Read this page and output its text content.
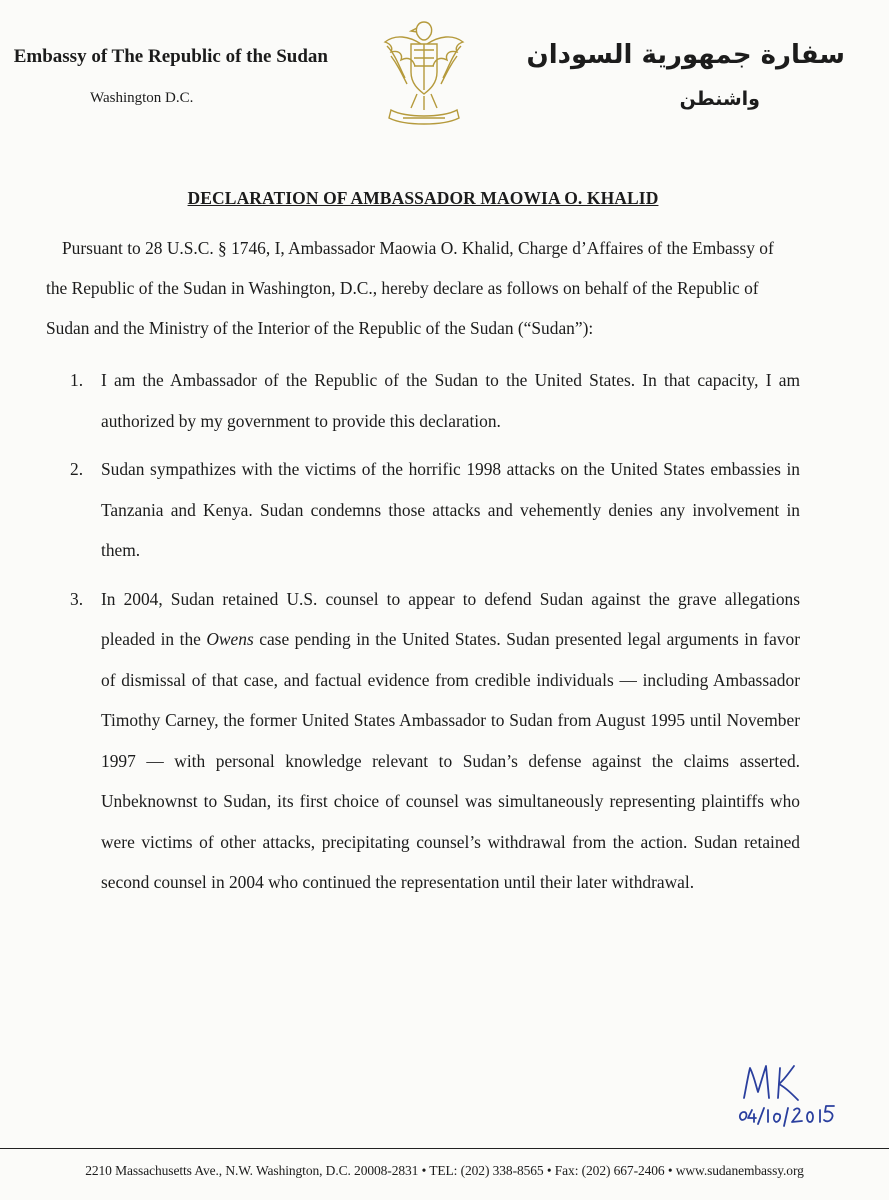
Embassy of The Republic of the Sudan
Washington D.C.
سفارة جمهورية السودان
واشنطن
DECLARATION OF AMBASSADOR MAOWIA O. KHALID
Pursuant to 28 U.S.C. § 1746, I, Ambassador Maowia O. Khalid, Charge d’Affaires of the Embassy of the Republic of the Sudan in Washington, D.C., hereby declare as follows on behalf of the Republic of Sudan and the Ministry of the Interior of the Republic of the Sudan (“Sudan”):
1. I am the Ambassador of the Republic of the Sudan to the United States. In that capacity, I am authorized by my government to provide this declaration.
2. Sudan sympathizes with the victims of the horrific 1998 attacks on the United States embassies in Tanzania and Kenya. Sudan condemns those attacks and vehemently denies any involvement in them.
3. In 2004, Sudan retained U.S. counsel to appear to defend Sudan against the grave allegations pleaded in the Owens case pending in the United States. Sudan presented legal arguments in favor of dismissal of that case, and factual evidence from credible individuals — including Ambassador Timothy Carney, the former United States Ambassador to Sudan from August 1995 until November 1997 — with personal knowledge relevant to Sudan’s defense against the claims asserted. Unbeknownst to Sudan, its first choice of counsel was simultaneously representing plaintiffs who were victims of other attacks, precipitating counsel’s withdrawal from the action. Sudan retained second counsel in 2004 who continued the representation until their later withdrawal.
2210 Massachusetts Ave., N.W. Washington, D.C. 20008-2831 • TEL: (202) 338-8565 • Fax: (202) 667-2406 • www.sudanembassy.org
